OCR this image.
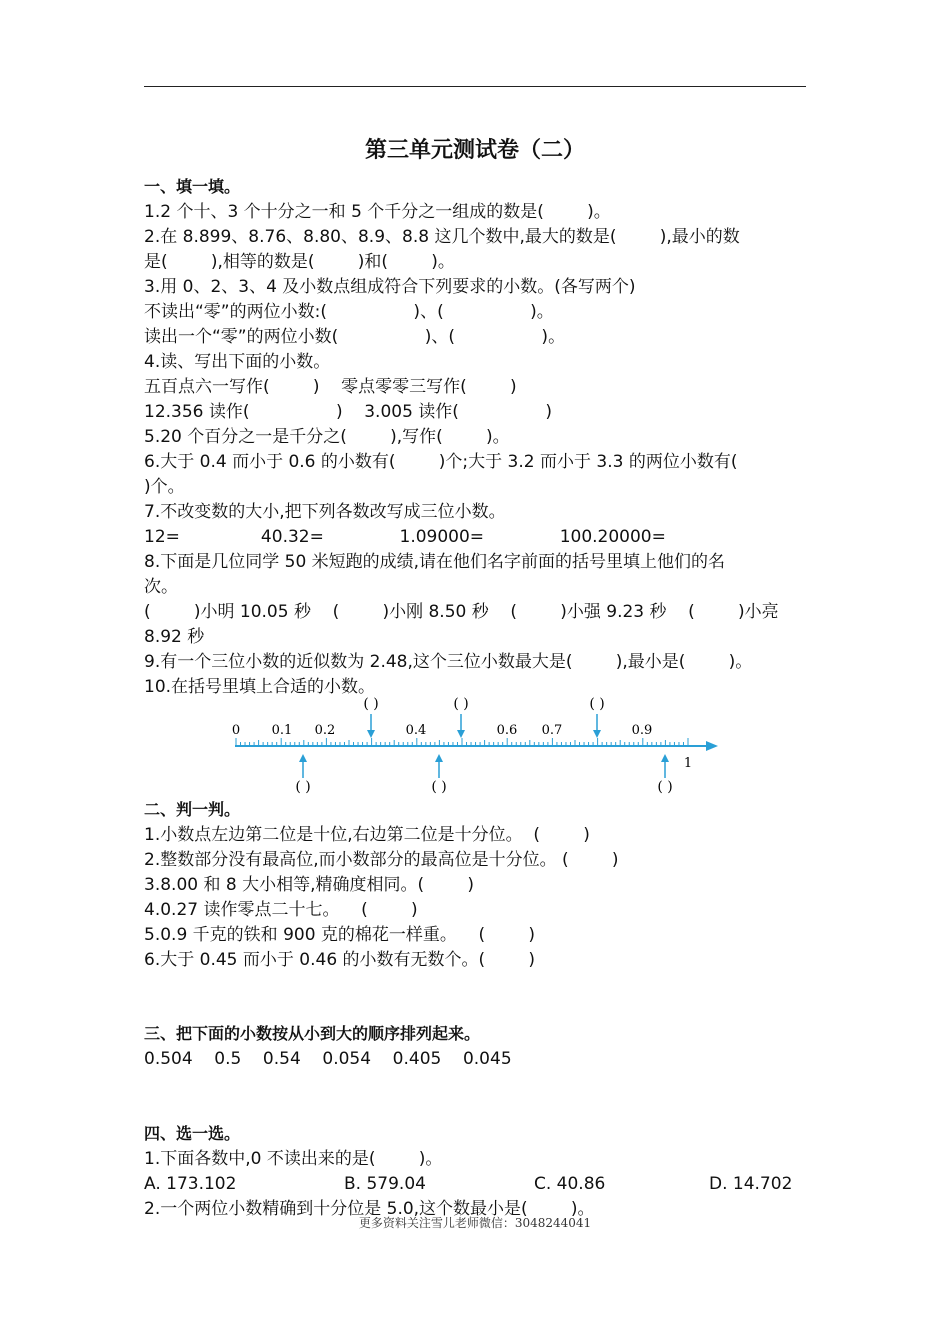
第三单元测试卷（二）
一、填一填。
1.2 个十、3 个十分之一和 5 个千分之一组成的数是(        )。
2.在 8.899、8.76、8.80、8.9、8.8 这几个数中,最大的数是(        ),最小的数
是(        ),相等的数是(        )和(        )。
3.用 0、2、3、4 及小数点组成符合下列要求的小数。(各写两个)
不读出“零”的两位小数:(                )、(                )。
读出一个“零”的两位小数(                )、(                )。
4.读、写出下面的小数。
五百点六一写作(        )    零点零零三写作(        )
12.356 读作(                )    3.005 读作(                )
5.20 个百分之一是千分之(        ),写作(        )。
6.大于 0.4 而小于 0.6 的小数有(        )个;大于 3.2 而小于 3.3 的两位小数有(
)个。
7.不改变数的大小,把下列各数改写成三位小数。
12=               40.32=              1.09000=              100.20000=
8.下面是几位同学 50 米短跑的成绩,请在他们名字前面的括号里填上他们的名
次。
(        )小明 10.05 秒    (        )小刚 8.50 秒    (        )小强 9.23 秒    (        )小亮
8.92 秒
9.有一个三位小数的近似数为 2.48,这个三位小数最大是(        ),最小是(        )。
10.在括号里填上合适的小数。
0 0.1 0.2	0.4	0.6 0.7	0.9
1
( )	( )	( )
( )	( )	( )
二、判一判。
1.小数点左边第二位是十位,右边第二位是十分位。  (        )
2.整数部分没有最高位,而小数部分的最高位是十分位。 (        )
3.8.00 和 8 大小相等,精确度相同。(        )
4.0.27 读作零点二十七。    (        )
5.0.9 千克的铁和 900 克的棉花一样重。    (        )
6.大于 0.45 而小于 0.46 的小数有无数个。(        )
三、把下面的小数按从小到大的顺序排列起来。
0.504    0.5    0.54    0.054    0.405    0.045
四、选一选。
1.下面各数中,0 不读出来的是(        )。
A. 173.102	B. 579.04	C. 40.86	D. 14.702
2.一个两位小数精确到十分位是 5.0,这个数最小是(        )。
更多资料关注雪儿老师微信：3048244041
